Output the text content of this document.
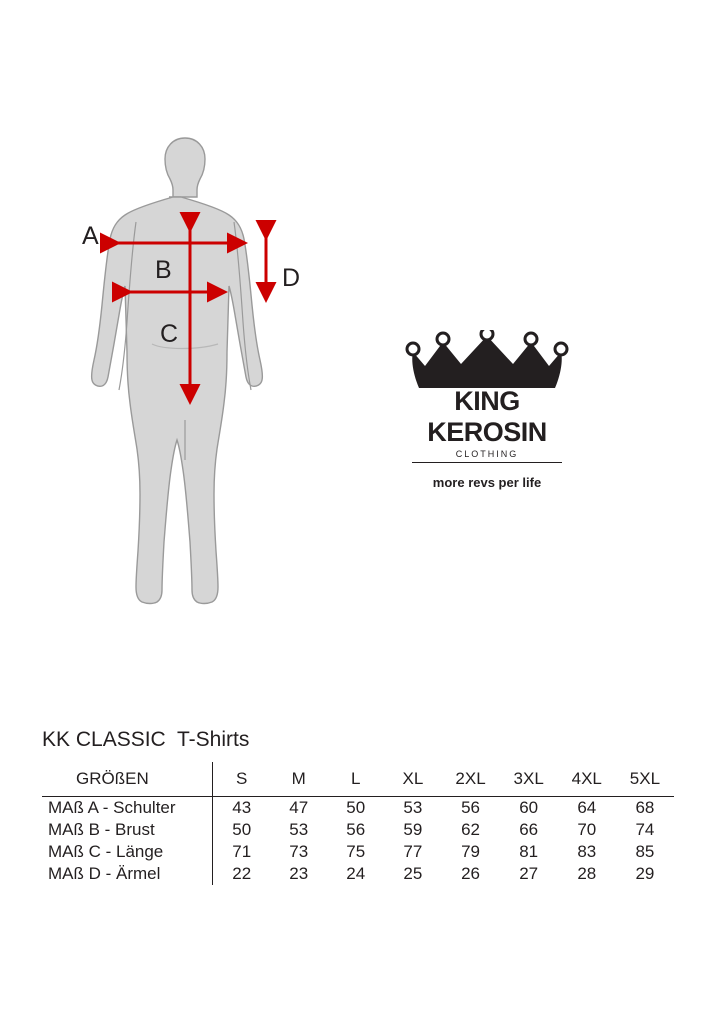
A
B
C
D
KING KEROSIN
CLOTHING
more revs per life
KK CLASSIC  T-Shirts
GRÖßEN	S	M	L	XL	2XL	3XL	4XL	5XL
MAß A - Schulter	43	47	50	53	56	60	64	68
MAß B - Brust	50	53	56	59	62	66	70	74
MAß C - Länge	71	73	75	77	79	81	83	85
MAß D - Ärmel	22	23	24	25	26	27	28	29
